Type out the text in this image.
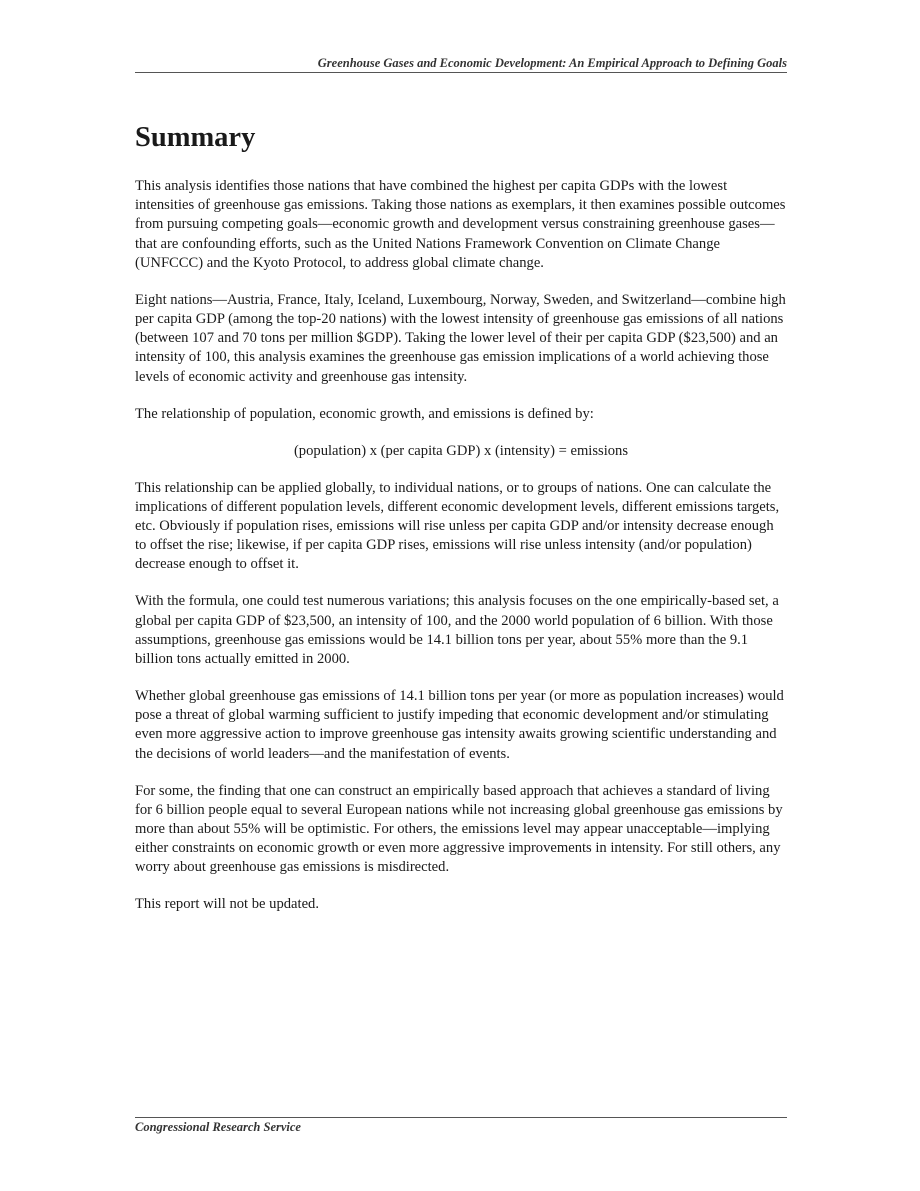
Greenhouse Gases and Economic Development: An Empirical Approach to Defining Goals
Summary

This analysis identifies those nations that have combined the highest per capita GDPs with the lowest intensities of greenhouse gas emissions. Taking those nations as exemplars, it then examines possible outcomes from pursuing competing goals—economic growth and development versus constraining greenhouse gases—that are confounding efforts, such as the United Nations Framework Convention on Climate Change (UNFCCC) and the Kyoto Protocol, to address global climate change.

Eight nations—Austria, France, Italy, Iceland, Luxembourg, Norway, Sweden, and Switzerland—combine high per capita GDP (among the top-20 nations) with the lowest intensity of greenhouse gas emissions of all nations (between 107 and 70 tons per million $GDP). Taking the lower level of their per capita GDP ($23,500) and an intensity of 100, this analysis examines the greenhouse gas emission implications of a world achieving those levels of economic activity and greenhouse gas intensity.

The relationship of population, economic growth, and emissions is defined by:

(population) x (per capita GDP) x (intensity) = emissions

This relationship can be applied globally, to individual nations, or to groups of nations. One can calculate the implications of different population levels, different economic development levels, different emissions targets, etc. Obviously if population rises, emissions will rise unless per capita GDP and/or intensity decrease enough to offset the rise; likewise, if per capita GDP rises, emissions will rise unless intensity (and/or population) decrease enough to offset it.

With the formula, one could test numerous variations; this analysis focuses on the one empirically-based set, a global per capita GDP of $23,500, an intensity of 100, and the 2000 world population of 6 billion. With those assumptions, greenhouse gas emissions would be 14.1 billion tons per year, about 55% more than the 9.1 billion tons actually emitted in 2000.

Whether global greenhouse gas emissions of 14.1 billion tons per year (or more as population increases) would pose a threat of global warming sufficient to justify impeding that economic development and/or stimulating even more aggressive action to improve greenhouse gas intensity awaits growing scientific understanding and the decisions of world leaders—and the manifestation of events.

For some, the finding that one can construct an empirically based approach that achieves a standard of living for 6 billion people equal to several European nations while not increasing global greenhouse gas emissions by more than about 55% will be optimistic. For others, the emissions level may appear unacceptable—implying either constraints on economic growth or even more aggressive improvements in intensity. For still others, any worry about greenhouse gas emissions is misdirected.

This report will not be updated.

Congressional Research Service
